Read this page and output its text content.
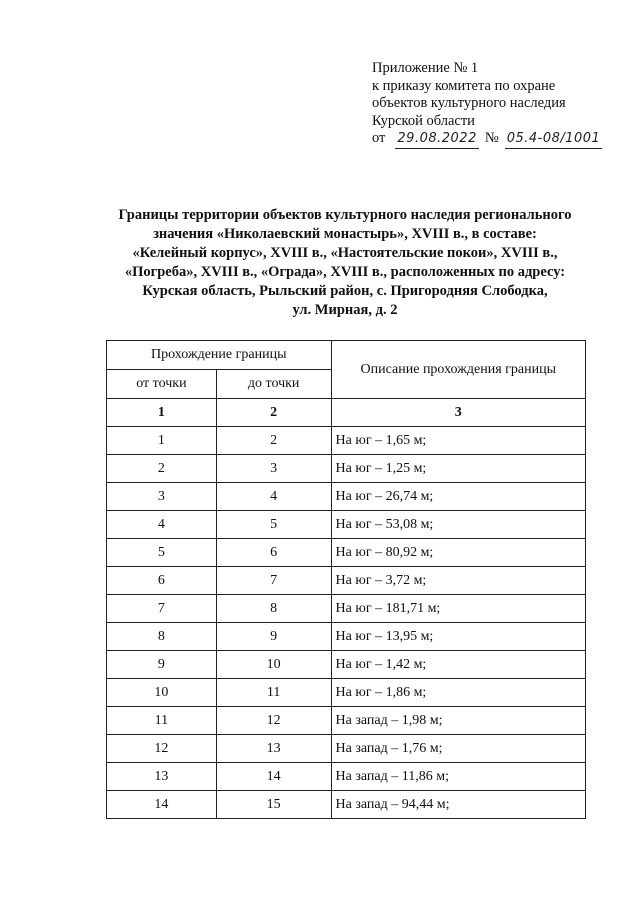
Приложение № 1
к приказу комитета по охране
объектов культурного наследия
Курской области
от 29.08.2022 № 05.4-08/1001
Границы территории объектов культурного наследия регионального
значения «Николаевский монастырь», XVIII в., в составе:
«Келейный корпус», XVIII в., «Настоятельские покои», XVIII в.,
«Погреба», XVIII в., «Ограда», XVIII в., расположенных по адресу:
Курская область, Рыльский район, с. Пригородняя Слободка,
ул. Мирная, д. 2
Прохождение границы		Описание прохождения границы
от точки	до точки	
1	2	3
1	2	На юг – 1,65 м;
2	3	На юг – 1,25 м;
3	4	На юг – 26,74 м;
4	5	На юг – 53,08 м;
5	6	На юг – 80,92 м;
6	7	На юг – 3,72 м;
7	8	На юг – 181,71 м;
8	9	На юг – 13,95 м;
9	10	На юг – 1,42 м;
10	11	На юг – 1,86 м;
11	12	На запад – 1,98 м;
12	13	На запад – 1,76 м;
13	14	На запад – 11,86 м;
14	15	На запад – 94,44 м;
